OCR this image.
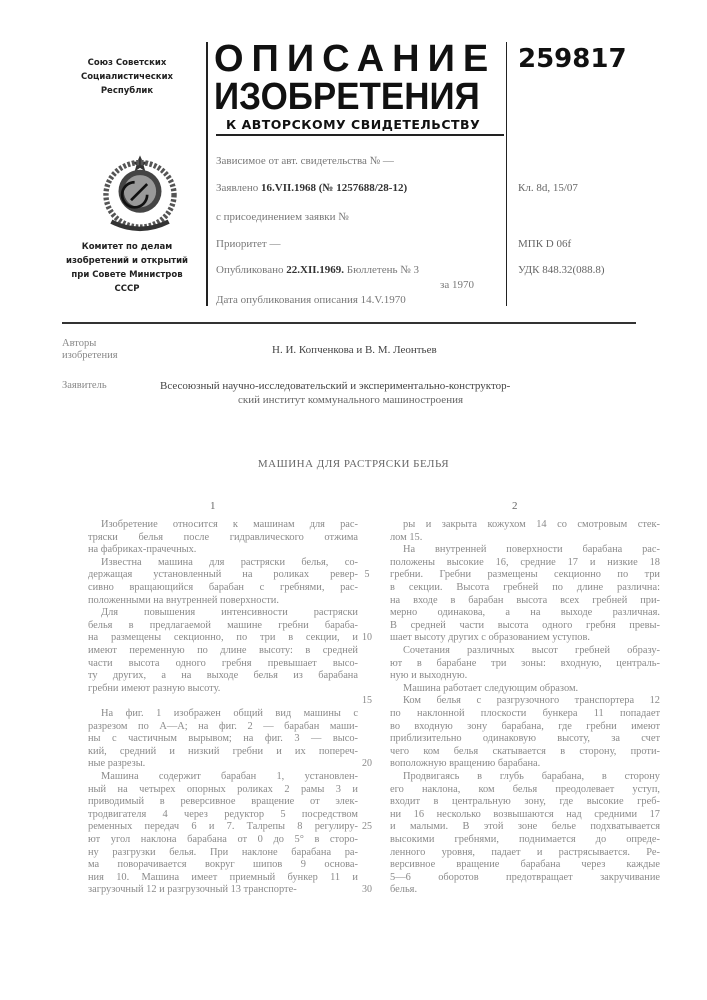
Союз Советских
Социалистических
Республик
Комитет по делам
изобретений и открытий
при Совете Министров
СССР
ОПИСАНИЕ
ИЗОБРЕТЕНИЯ
К АВТОРСКОМУ СВИДЕТЕЛЬСТВУ
259817
Зависимое от авт. свидетельства № —
Заявлено 16.VII.1968 (№ 1257688/28-12)
с присоединением заявки №
Приоритет —
Опубликовано 22.XII.1969. Бюллетень № 3
за 1970
Дата опубликования описания 14.V.1970
Кл. 8d, 15/07
МПК D 06f
УДК 848.32(088.8)
Авторы
изобретения	Н. И. Копченкова и В. М. Леонтьев
Заявитель	Всесоюзный научно-исследовательский и экспериментально-конструктор-
ский институт коммунального машиностроения
МАШИНА ДЛЯ РАСТРЯСКИ БЕЛЬЯ
1	2
Изобретение относится к машинам для рас-
тряски белья после гидравлического отжима
на фабриках-прачечных.
Известна машина для растряски белья, со-
держащая установленный на роликах ревер-
сивно вращающийся барабан с гребнями, рас-
положенными на внутренней поверхности.
Для повышения интенсивности растряски
белья в предлагаемой машине гребни бараба-
на размещены секционно, по три в секции, и
имеют переменную по длине высоту: в средней
части высота одного гребня превышает высо-
ту других, а на выходе белья из барабана
гребни имеют разную высоту.
На фиг. 1 изображен общий вид машины с
разрезом по А—А; на фиг. 2 — барабан маши-
ны с частичным вырывом; на фиг. 3 — высо-
кий, средний и низкий гребни и их попереч-
ные разрезы.
Машина содержит барабан 1, установлен-
ный на четырех опорных роликах 2 рамы 3 и
приводимый в реверсивное вращение от элек-
тродвигателя 4 через редуктор 5 посредством
ременных передач 6 и 7. Талрепы 8 регулиру-
ют угол наклона барабана от 0 до 5° в сторо-
ну разгрузки белья. При наклоне барабана ра-
ма поворачивается вокруг шипов 9 основа-
ния 10. Машина имеет приемный бункер 11 и
загрузочный 12 и разгрузочный 13 транспорте-
ры и закрыта кожухом 14 со смотровым стек-
лом 15.
На внутренней поверхности барабана рас-
положены высокие 16, средние 17 и низкие 18
гребни. Гребни размещены секционно по три
в секции. Высота гребней по длине различна:
на входе в барабан высота всех гребней при-
мерно одинакова, а на выходе различная.
В средней части высота одного гребня превы-
шает высоту других с образованием уступов.
Сочетания различных высот гребней образу-
ют в барабане три зоны: входную, централь-
ную и выходную.
Машина работает следующим образом.
Ком белья с разгрузочного транспортера 12
по наклонной плоскости бункера 11 попадает
во входную зону барабана, где гребни имеют
приблизительно одинаковую высоту, за счет
чего ком белья скатывается в сторону, проти-
воположную вращению барабана.
Продвигаясь в глубь барабана, в сторону
его наклона, ком белья преодолевает уступ,
входит в центральную зону, где высокие греб-
ни 16 несколько возвышаются над средними 17
и малыми. В этой зоне белье подхватывается
высокими гребнями, поднимается до опреде-
ленного уровня, падает и растрясывается. Ре-
версивное вращение барабана через каждые
5—6 оборотов предотвращает закручивание
белья.
5
10
15
20
25
30
